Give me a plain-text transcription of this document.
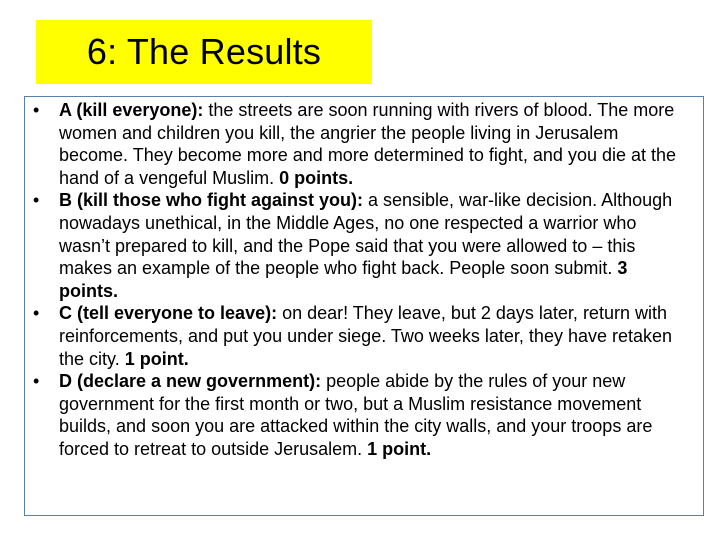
6: The Results
• A (kill everyone): the streets are soon running with rivers of blood. The more women and children you kill, the angrier the people living in Jerusalem become. They become more and more determined to fight, and you die at the hand of a vengeful Muslim. 0 points.
• B (kill those who fight against you): a sensible, war-like decision. Although nowadays unethical, in the Middle Ages, no one respected a warrior who wasn’t prepared to kill, and the Pope said that you were allowed to – this makes an example of the people who fight back. People soon submit. 3 points.
• C (tell everyone to leave): on dear! They leave, but 2 days later, return with reinforcements, and put you under siege. Two weeks later, they have retaken the city. 1 point.
• D (declare a new government): people abide by the rules of your new government for the first month or two, but a Muslim resistance movement builds, and soon you are attacked within the city walls, and your troops are forced to retreat to outside Jerusalem. 1 point.
